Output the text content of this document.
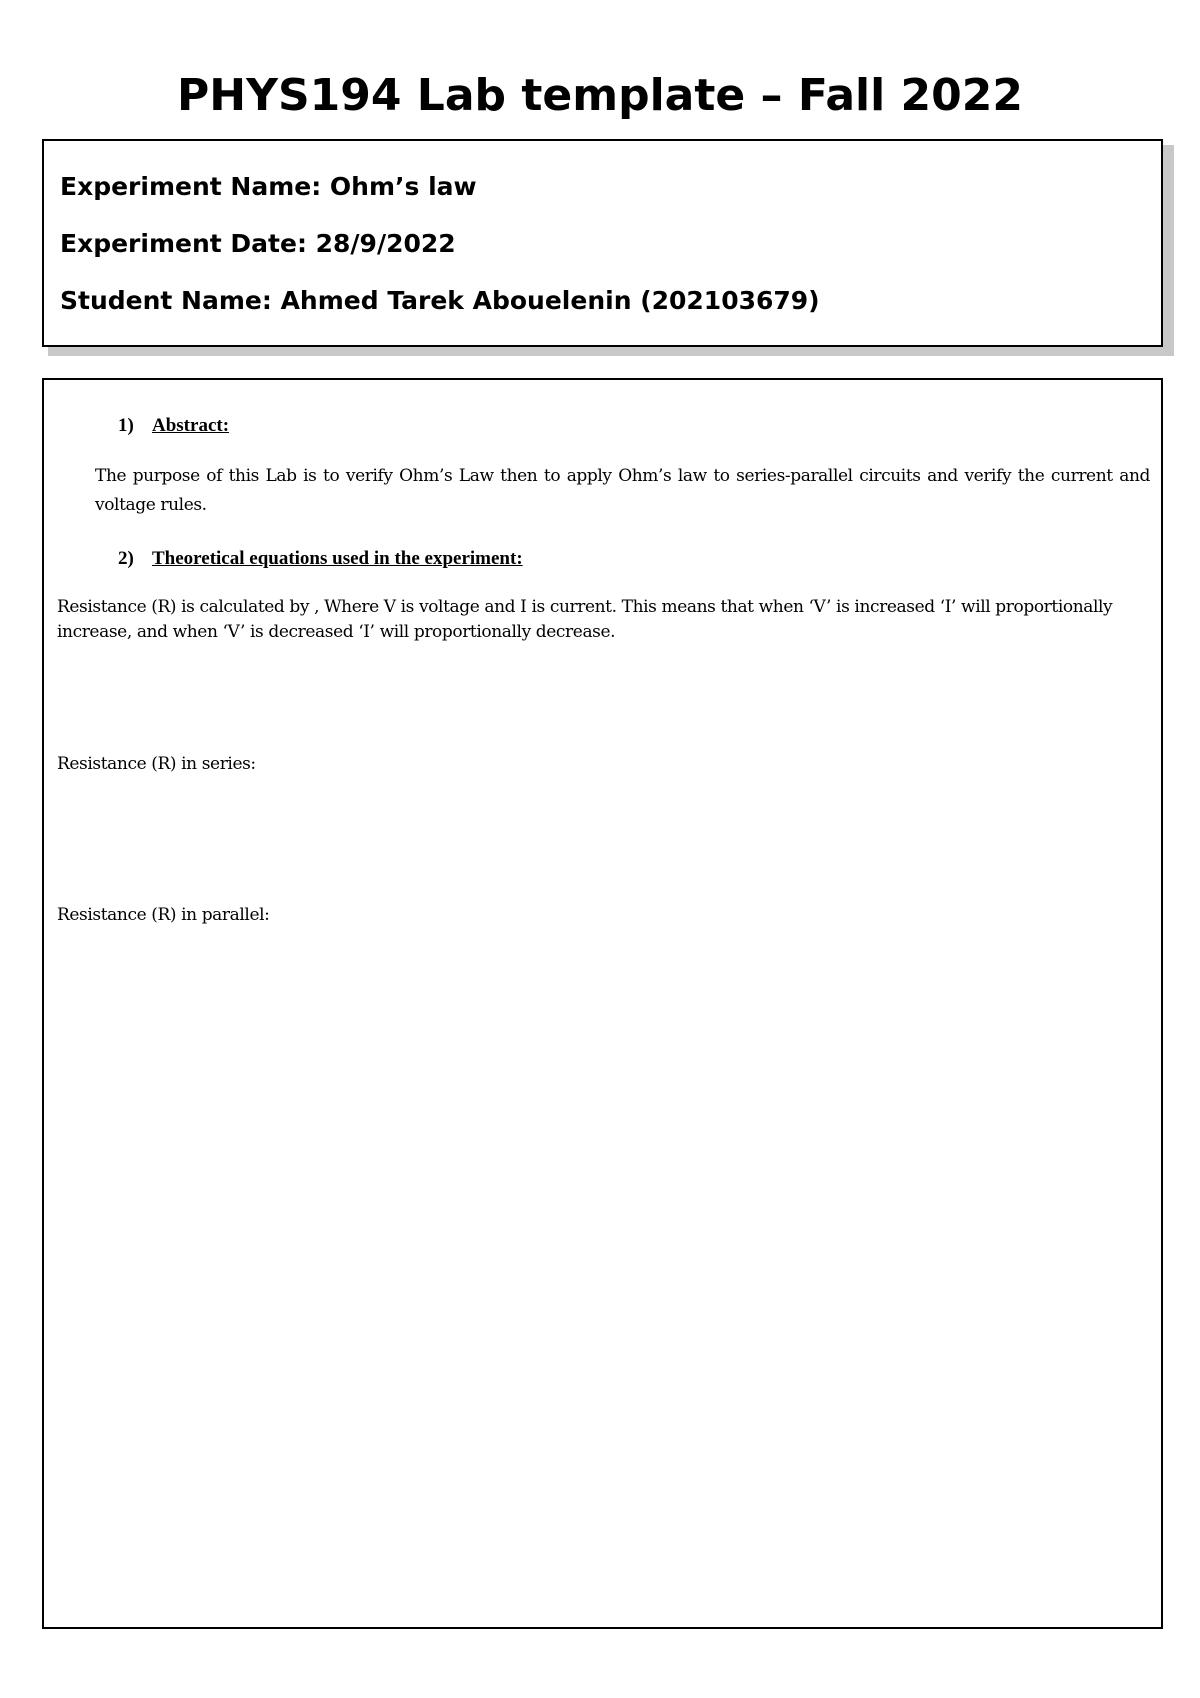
PHYS194 Lab template – Fall 2022
Experiment Name: Ohm’s law
Experiment Date: 28/9/2022
Student Name: Ahmed Tarek Abouelenin (202103679)
1) Abstract:
The purpose of this Lab is to verify Ohm’s Law then to apply Ohm’s law to series-parallel circuits and verify the current and voltage rules.
2) Theoretical equations used in the experiment:
Resistance (R) is calculated by , Where V is voltage and I is current. This means that when ‘V’ is increased ‘I’ will proportionally increase, and when ‘V’ is decreased ‘I’ will proportionally decrease.
Resistance (R) in series:
Resistance (R) in parallel:
